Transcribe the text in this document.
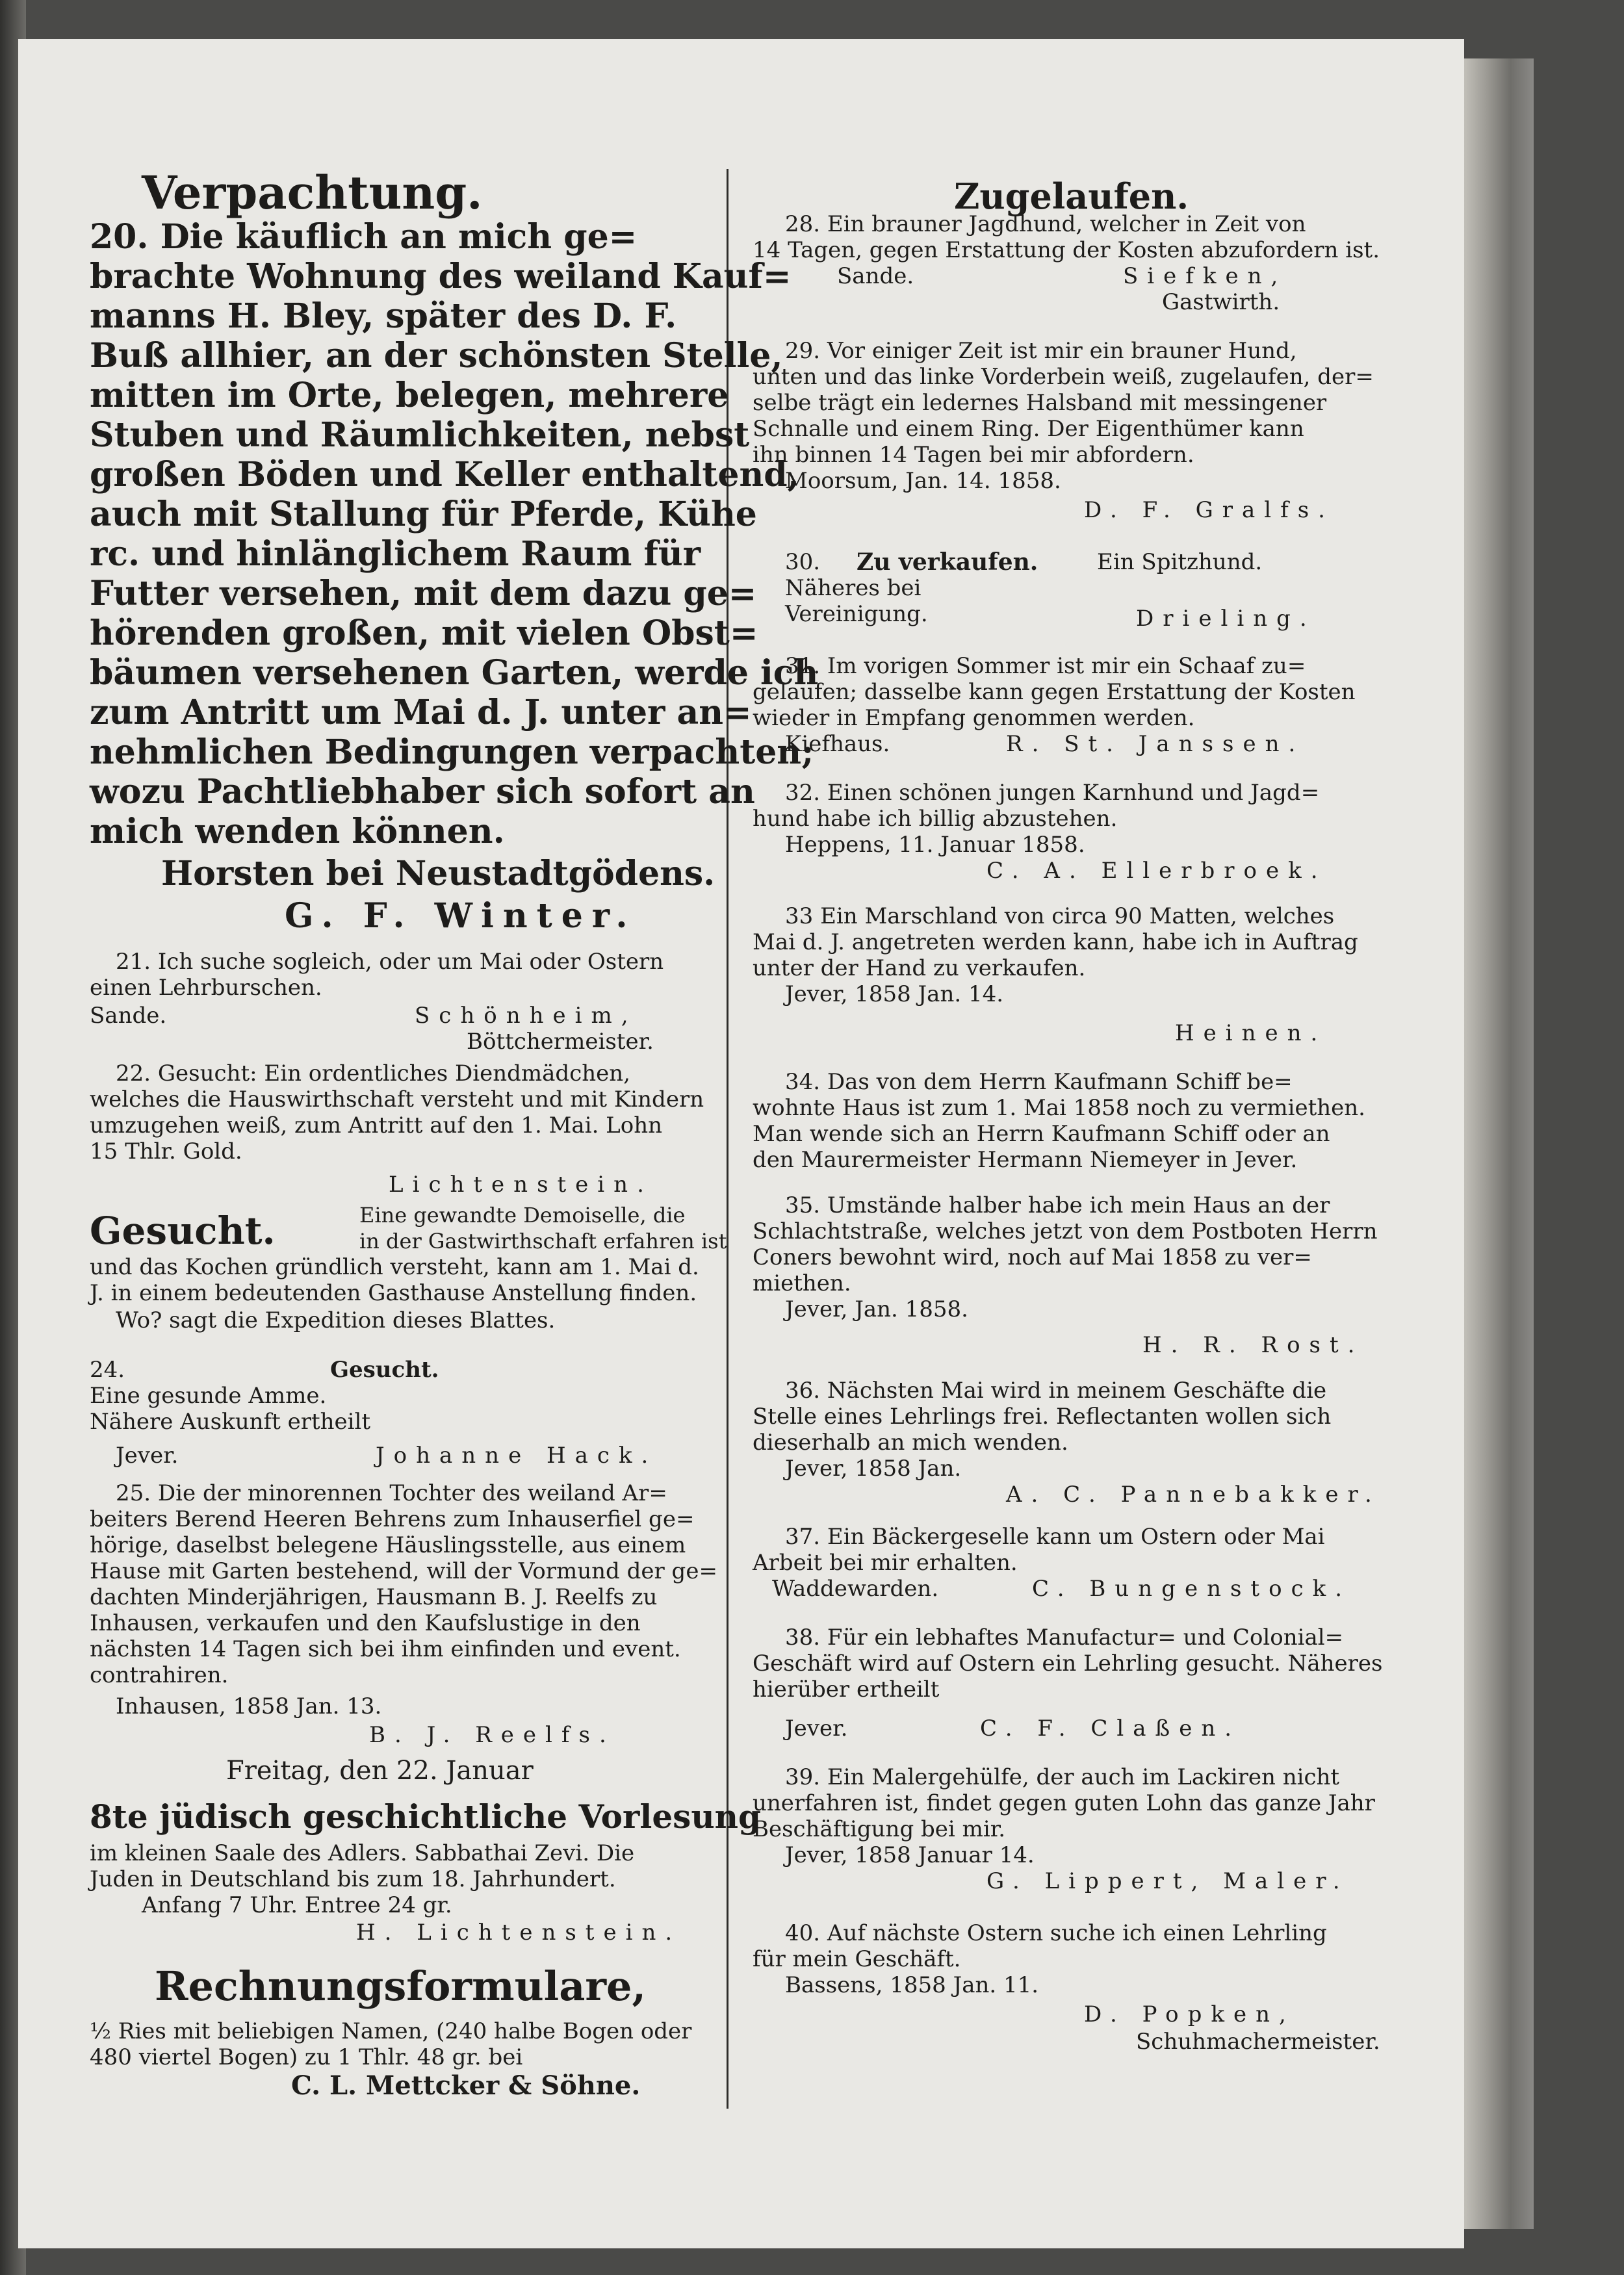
Verpachtung.
20. Die käuflich an mich ge=
brachte Wohnung des weiland Kauf=
manns H. Bley, später des D. F.
Buß allhier, an der schönsten Stelle,
mitten im Orte, belegen, mehrere
Stuben und Räumlichkeiten, nebst
großen Böden und Keller enthaltend,
auch mit Stallung für Pferde, Kühe
rc. und hinlänglichem Raum für
Futter versehen, mit dem dazu ge=
hörenden großen, mit vielen Obst=
bäumen versehenen Garten, werde ich
zum Antritt um Mai d. J. unter an=
nehmlichen Bedingungen verpachten;
wozu Pachtliebhaber sich sofort an
mich wenden können.
Horsten bei Neustadtgödens.
G. F. Winter.
21. Ich suche sogleich, oder um Mai oder Ostern
einen Lehrburschen.
Sande.	Schönheim,
Böttchermeister.
22. Gesucht: Ein ordentliches Diendmädchen,
welches die Hauswirthschaft versteht und mit Kindern
umzugehen weiß, zum Antritt auf den 1. Mai. Lohn
15 Thlr. Gold.
Lichtenstein.
Gesucht.	Eine gewandte Demoiselle, die
in der Gastwirthschaft erfahren ist
und das Kochen gründlich versteht, kann am 1. Mai d.
J. in einem bedeutenden Gasthause Anstellung finden.
Wo? sagt die Expedition dieses Blattes.
24.	Gesucht.
Eine gesunde Amme.
Nähere Auskunft ertheilt
Jever.	Johanne Hack.
25. Die der minorennen Tochter des weiland Ar=
beiters Berend Heeren Behrens zum Inhauserfiel ge=
hörige, daselbst belegene Häuslingsstelle, aus einem
Hause mit Garten bestehend, will der Vormund der ge=
dachten Minderjährigen, Hausmann B. J. Reelfs zu
Inhausen, verkaufen und den Kaufslustige in den
nächsten 14 Tagen sich bei ihm einfinden und event.
contrahiren.
Inhausen, 1858 Jan. 13.
B. J. Reelfs.
Freitag, den 22. Januar
8te jüdisch geschichtliche Vorlesung
im kleinen Saale des Adlers. Sabbathai Zevi. Die
Juden in Deutschland bis zum 18. Jahrhundert.
Anfang 7 Uhr. Entree 24 gr.
H. Lichtenstein.
Rechnungsformulare,
½ Ries mit beliebigen Namen, (240 halbe Bogen oder
480 viertel Bogen) zu 1 Thlr. 48 gr. bei
C. L. Mettcker & Söhne.
Zugelaufen.
28. Ein brauner Jagdhund, welcher in Zeit von
14 Tagen, gegen Erstattung der Kosten abzufordern ist.
Sande.	Siefken,
Gastwirth.
29. Vor einiger Zeit ist mir ein brauner Hund,
unten und das linke Vorderbein weiß, zugelaufen, der=
selbe trägt ein ledernes Halsband mit messingener
Schnalle und einem Ring. Der Eigenthümer kann
ihn binnen 14 Tagen bei mir abfordern.
Moorsum, Jan. 14. 1858.
D. F. Gralfs.
30. Zu verkaufen.	Ein Spitzhund.
Näheres bei
Vereinigung.	Drieling.
31. Im vorigen Sommer ist mir ein Schaaf zu=
gelaufen; dasselbe kann gegen Erstattung der Kosten
wieder in Empfang genommen werden.
Kiefhaus.	R. St. Janssen.
32. Einen schönen jungen Karnhund und Jagd=
hund habe ich billig abzustehen.
Heppens, 11. Januar 1858.
C. A. Ellerbroek.
33 Ein Marschland von circa 90 Matten, welches
Mai d. J. angetreten werden kann, habe ich in Auftrag
unter der Hand zu verkaufen.
Jever, 1858 Jan. 14.
Heinen.
34. Das von dem Herrn Kaufmann Schiff be=
wohnte Haus ist zum 1. Mai 1858 noch zu vermiethen.
Man wende sich an Herrn Kaufmann Schiff oder an
den Maurermeister Hermann Niemeyer in Jever.
35. Umstände halber habe ich mein Haus an der
Schlachtstraße, welches jetzt von dem Postboten Herrn
Coners bewohnt wird, noch auf Mai 1858 zu ver=
miethen.
Jever, Jan. 1858.
H. R. Rost.
36. Nächsten Mai wird in meinem Geschäfte die
Stelle eines Lehrlings frei. Reflectanten wollen sich
dieserhalb an mich wenden.
Jever, 1858 Jan.
A. C. Pannebakker.
37. Ein Bäckergeselle kann um Ostern oder Mai
Arbeit bei mir erhalten.
Waddewarden.	C. Bungenstock.
38. Für ein lebhaftes Manufactur= und Colonial=
Geschäft wird auf Ostern ein Lehrling gesucht. Näheres
hierüber ertheilt
Jever.	C. F. Claßen.
39. Ein Malergehülfe, der auch im Lackiren nicht
unerfahren ist, findet gegen guten Lohn das ganze Jahr
Beschäftigung bei mir.
Jever, 1858 Januar 14.
G. Lippert, Maler.
40. Auf nächste Ostern suche ich einen Lehrling
für mein Geschäft.
Bassens, 1858 Jan. 11.
D. Popken,
Schuhmachermeister.
